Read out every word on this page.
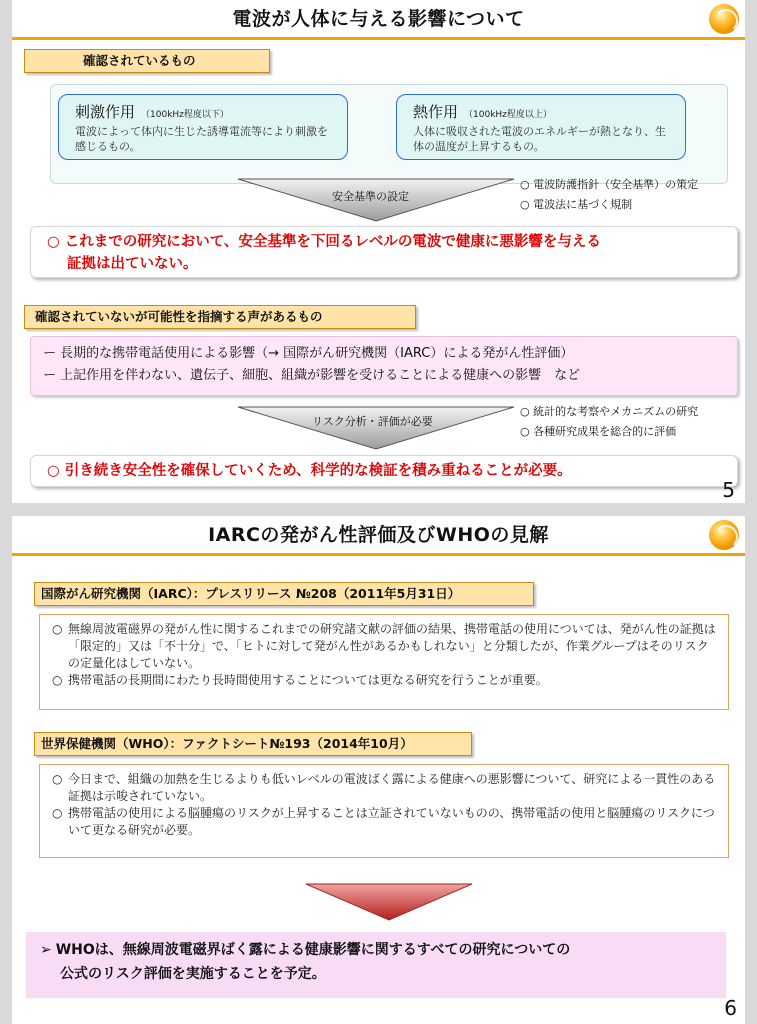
電波が人体に与える影響について
確認されているもの
刺激作用 （100kHz程度以下）
電波によって体内に生じた誘導電流等により刺激を感じるもの。
熱作用 （100kHz程度以上）
人体に吸収された電波のエネルギーが熱となり、生体の温度が上昇するもの。
安全基準の設定
○ 電波防護指針（安全基準）の策定
○ 電波法に基づく規制
○ これまでの研究において、安全基準を下回るレベルの電波で健康に悪影響を与える
証拠は出ていない。
確認されていないが可能性を指摘する声があるもの
ー 長期的な携帯電話使用による影響（→ 国際がん研究機関（IARC）による発がん性評価）
ー 上記作用を伴わない、遺伝子、細胞、組織が影響を受けることによる健康への影響　など
リスク分析・評価が必要
○ 統計的な考察やメカニズムの研究
○ 各種研究成果を総合的に評価
○ 引き続き安全性を確保していくため、科学的な検証を積み重ねることが必要。
5
IARCの発がん性評価及びWHOの見解
国際がん研究機関（IARC）：プレスリリース №208（2011年5月31日）
○ 無線周波電磁界の発がん性に関するこれまでの研究諸文献の評価の結果、携帯電話の使用については、発がん性の証拠は「限定的」又は「不十分」で、「ヒトに対して発がん性があるかもしれない」と分類したが、作業グループはそのリスクの定量化はしていない。
○ 携帯電話の長期間にわたり長時間使用することについては更なる研究を行うことが重要。
世界保健機関（WHO）：ファクトシート№193（2014年10月）
○ 今日まで、組織の加熱を生じるよりも低いレベルの電波ばく露による健康への悪影響について、研究による一貫性のある証拠は示唆されていない。
○ 携帯電話の使用による脳腫瘍のリスクが上昇することは立証されていないものの、携帯電話の使用と脳腫瘍のリスクについて更なる研究が必要。
➢ WHOは、無線周波電磁界ばく露による健康影響に関するすべての研究についての
公式のリスク評価を実施することを予定。
6
